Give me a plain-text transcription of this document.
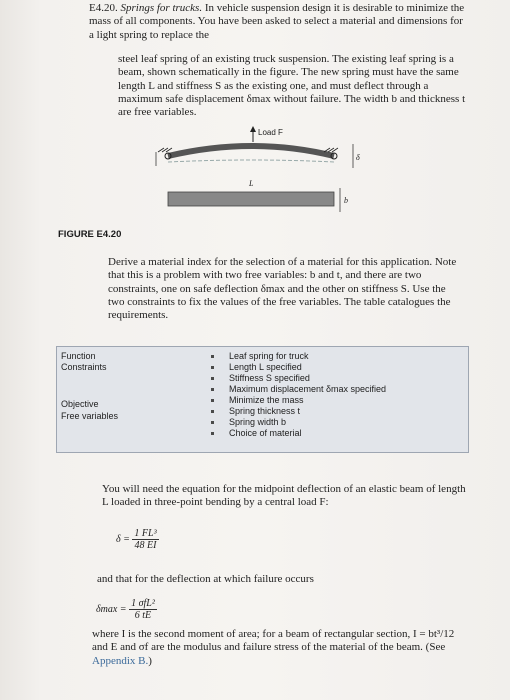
E4.20. Springs for trucks. In vehicle suspension design it is desirable to minimize the mass of all components. You have been asked to select a material and dimensions for a light spring to replace the

steel leaf spring of an existing truck suspension. The existing leaf spring is a beam, shown schematically in the figure. The new spring must have the same length L and stiffness S as the existing one, and must deflect through a maximum safe displacement δmax without failure. The width b and thickness t are free variables.

Load F
δ
L
b
FIGURE E4.20

Derive a material index for the selection of a material for this application. Note that this is a problem with two free variables: b and t, and there are two constraints, one on safe deflection δmax and the other on stiffness S. Use the two constraints to fix the values of the free variables. The table catalogues the requirements.

Function
Constraints
Objective
Free variables
Leaf spring for truck
Length L specified
Stiffness S specified
Maximum displacement δmax specified
Minimize the mass
Spring thickness t
Spring width b
Choice of material

You will need the equation for the midpoint deflection of an elastic beam of length L loaded in three-point bending by a central load F:

$\delta = \frac{\text{1 FL³}}{48 EI}$

and that for the deflection at which failure occurs

$\delta\max = \frac{\text{1 σfL²}}{6 tE}$

where I is the second moment of area; for a beam of rectangular section, I = bt³/12 and E and σf are the modulus and failure stress of the material of the beam. (See Appendix B.)
